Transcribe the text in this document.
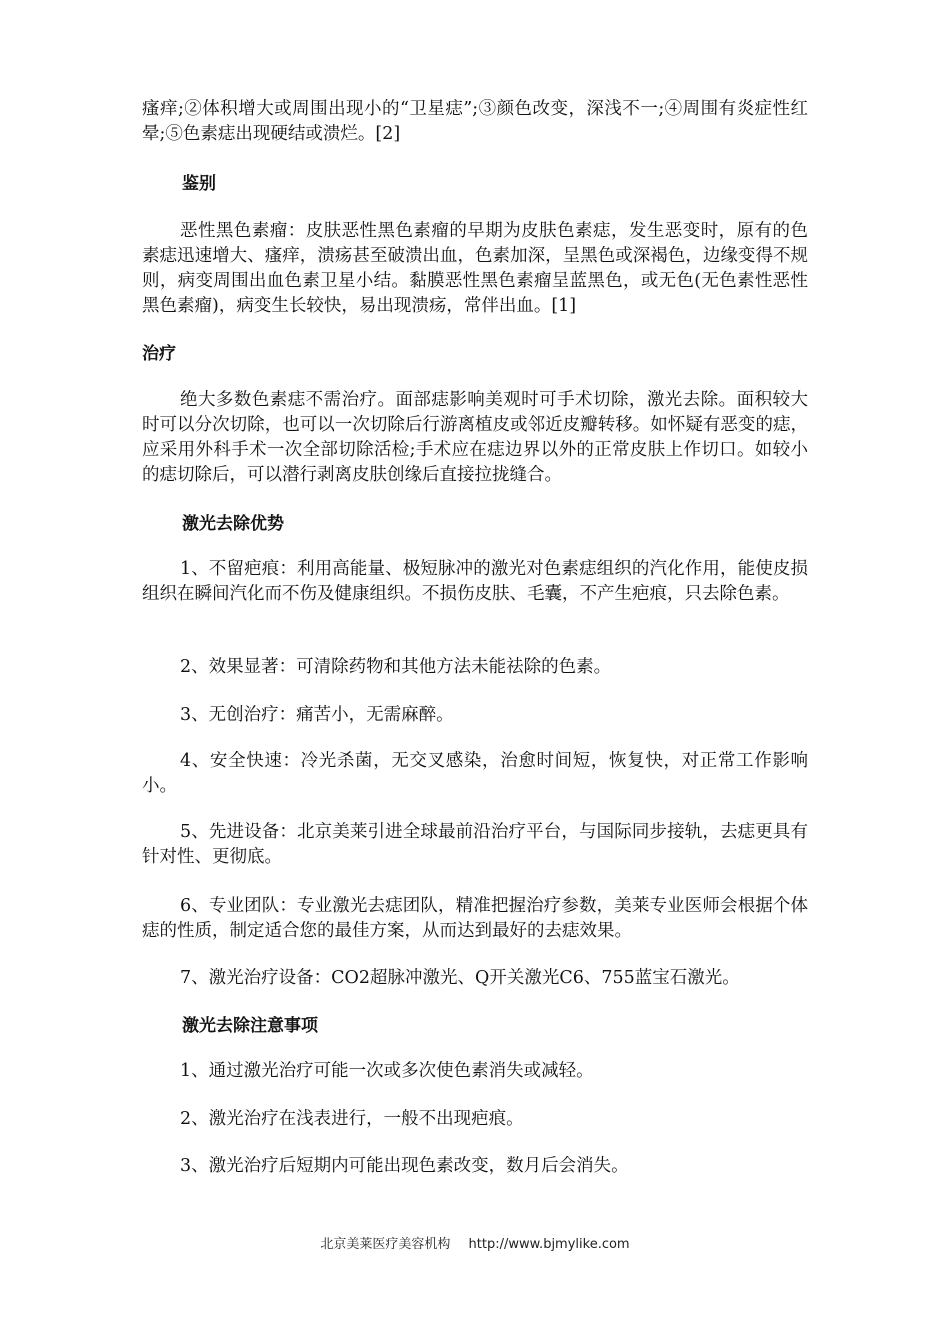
瘙痒;②体积增大或周围出现小的“卫星痣”;③颜色改变，深浅不一;④周围有炎症性红晕;⑤色素痣出现硬结或溃烂。[2]

鉴别

恶性黑色素瘤：皮肤恶性黑色素瘤的早期为皮肤色素痣，发生恶变时，原有的色素痣迅速增大、瘙痒，溃疡甚至破溃出血，色素加深，呈黑色或深褐色，边缘变得不规则，病变周围出血色素卫星小结。黏膜恶性黑色素瘤呈蓝黑色，或无色(无色素性恶性黑色素瘤)，病变生长较快，易出现溃疡，常伴出血。[1]

治疗

绝大多数色素痣不需治疗。面部痣影响美观时可手术切除，激光去除。面积较大时可以分次切除，也可以一次切除后行游离植皮或邻近皮瓣转移。如怀疑有恶变的痣，应采用外科手术一次全部切除活检;手术应在痣边界以外的正常皮肤上作切口。如较小的痣切除后，可以潜行剥离皮肤创缘后直接拉拢缝合。

激光去除优势

1、不留疤痕：利用高能量、极短脉冲的激光对色素痣组织的汽化作用，能使皮损组织在瞬间汽化而不伤及健康组织。不损伤皮肤、毛囊，不产生疤痕，只去除色素。

2、效果显著：可清除药物和其他方法未能祛除的色素。

3、无创治疗：痛苦小，无需麻醉。

4、安全快速：冷光杀菌，无交叉感染，治愈时间短，恢复快，对正常工作影响小。

5、先进设备：北京美莱引进全球最前沿治疗平台，与国际同步接轨，去痣更具有针对性、更彻底。

6、专业团队：专业激光去痣团队，精准把握治疗参数，美莱专业医师会根据个体痣的性质，制定适合您的最佳方案，从而达到最好的去痣效果。

7、激光治疗设备：CO2超脉冲激光、Q开关激光C6、755蓝宝石激光。

激光去除注意事项

1、通过激光治疗可能一次或多次使色素消失或减轻。

2、激光治疗在浅表进行，一般不出现疤痕。

3、激光治疗后短期内可能出现色素改变，数月后会消失。

北京美莱医疗美容机构 http://www.bjmylike.com
